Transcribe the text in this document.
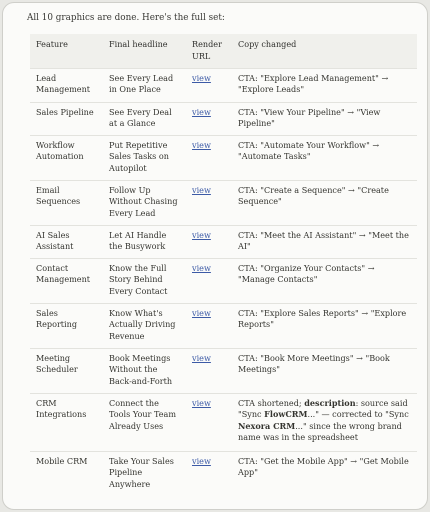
All 10 graphics are done. Here's the full set:
Feature	Final headline	Render URL	Copy changed
Lead Management	See Every Lead in One Place	view	CTA: "Explore Lead Management" → "Explore Leads"
Sales Pipeline	See Every Deal at a Glance	view	CTA: "View Your Pipeline" → "View Pipeline"
Workflow Automation	Put Repetitive Sales Tasks on Autopilot	view	CTA: "Automate Your Workflow" → "Automate Tasks"
Email Sequences	Follow Up Without Chasing Every Lead	view	CTA: "Create a Sequence" → "Create Sequence"
AI Sales Assistant	Let AI Handle the Busywork	view	CTA: "Meet the AI Assistant" → "Meet the AI"
Contact Management	Know the Full Story Behind Every Contact	view	CTA: "Organize Your Contacts" → "Manage Contacts"
Sales Reporting	Know What's Actually Driving Revenue	view	CTA: "Explore Sales Reports" → "Explore Reports"
Meeting Scheduler	Book Meetings Without the Back-and-Forth	view	CTA: "Book More Meetings" → "Book Meetings"
CRM Integrations	Connect the Tools Your Team Already Uses	view	CTA shortened; description: source said "Sync FlowCRM..." — corrected to "Sync Nexora CRM..." since the wrong brand name was in the spreadsheet
Mobile CRM	Take Your Sales Pipeline Anywhere	view	CTA: "Get the Mobile App" → "Get Mobile App"
